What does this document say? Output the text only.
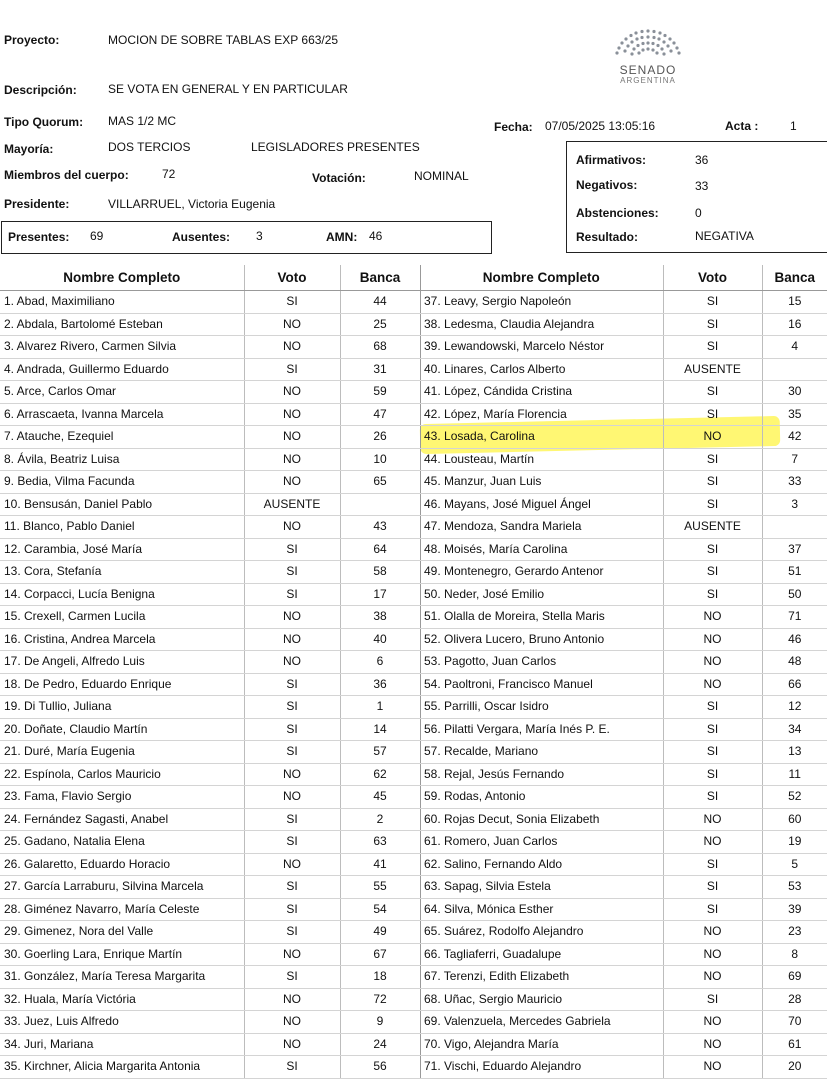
Proyecto:	MOCION DE SOBRE TABLAS EXP 663/25
Descripción:	SE VOTA EN GENERAL Y EN PARTICULAR
Tipo Quorum: MAS 1/2 MC
Mayoría:	DOS TERCIOS	LEGISLADORES PRESENTES
Miembros del cuerpo:	72	Votación:	NOMINAL
Presidente:	VILLARRUEL, Victoria Eugenia
Fecha: 07/05/2025 13:05:16	Acta :	1
SENADO
ARGENTINA
Presentes: 69	Ausentes: 3	AMN: 46
Afirmativos:	36
Negativos:	33
Abstenciones:	0
Resultado:	NEGATIVA
Nombre Completo	Voto	Banca
1. Abad, Maximiliano	SI	44
2. Abdala, Bartolomé Esteban	NO	25
3. Alvarez Rivero, Carmen Silvia	NO	68
4. Andrada, Guillermo Eduardo	SI	31
5. Arce, Carlos Omar	NO	59
6. Arrascaeta, Ivanna Marcela	NO	47
7. Atauche, Ezequiel	NO	26
8. Ávila, Beatriz Luisa	NO	10
9. Bedia, Vilma Facunda	NO	65
10. Bensusán, Daniel Pablo	AUSENTE	
11. Blanco, Pablo Daniel	NO	43
12. Carambia, José María	SI	64
13. Cora, Stefanía	SI	58
14. Corpacci, Lucía Benigna	SI	17
15. Crexell, Carmen Lucila	NO	38
16. Cristina, Andrea Marcela	NO	40
17. De Angeli, Alfredo Luis	NO	6
18. De Pedro, Eduardo Enrique	SI	36
19. Di Tullio, Juliana	SI	1
20. Doñate, Claudio Martín	SI	14
21. Duré, María Eugenia	SI	57
22. Espínola, Carlos Mauricio	NO	62
23. Fama, Flavio Sergio	NO	45
24. Fernández Sagasti, Anabel	SI	2
25. Gadano, Natalia Elena	SI	63
26. Galaretto, Eduardo Horacio	NO	41
27. García Larraburu, Silvina Marcela	SI	55
28. Giménez Navarro, María Celeste	SI	54
29. Gimenez, Nora del Valle	SI	49
30. Goerling Lara, Enrique Martín	NO	67
31. González, María Teresa Margarita	SI	18
32. Huala, María Victória	NO	72
33. Juez, Luis Alfredo	NO	9
34. Juri, Mariana	NO	24
35. Kirchner, Alicia Margarita Antonia	SI	56
Nombre Completo	Voto	Banca
37. Leavy, Sergio Napoleón	SI	15
38. Ledesma, Claudia Alejandra	SI	16
39. Lewandowski, Marcelo Néstor	SI	4
40. Linares, Carlos Alberto	AUSENTE	
41. López, Cándida Cristina	SI	30
42. López, María Florencia	SI	35
43. Losada, Carolina	NO	42
44. Lousteau, Martín	SI	7
45. Manzur, Juan Luis	SI	33
46. Mayans, José Miguel Ángel	SI	3
47. Mendoza, Sandra Mariela	AUSENTE	
48. Moisés, María Carolina	SI	37
49. Montenegro, Gerardo Antenor	SI	51
50. Neder, José Emilio	SI	50
51. Olalla de Moreira, Stella Maris	NO	71
52. Olivera Lucero, Bruno Antonio	NO	46
53. Pagotto, Juan Carlos	NO	48
54. Paoltroni, Francisco Manuel	NO	66
55. Parrilli, Oscar Isidro	SI	12
56. Pilatti Vergara, María Inés P. E.	SI	34
57. Recalde, Mariano	SI	13
58. Rejal, Jesús Fernando	SI	11
59. Rodas, Antonio	SI	52
60. Rojas Decut, Sonia Elizabeth	NO	60
61. Romero, Juan Carlos	NO	19
62. Salino, Fernando Aldo	SI	5
63. Sapag, Silvia Estela	SI	53
64. Silva, Mónica Esther	SI	39
65. Suárez, Rodolfo Alejandro	NO	23
66. Tagliaferri, Guadalupe	NO	8
67. Terenzi, Edith Elizabeth	NO	69
68. Uñac, Sergio Mauricio	SI	28
69. Valenzuela, Mercedes Gabriela	NO	70
70. Vigo, Alejandra María	NO	61
71. Vischi, Eduardo Alejandro	NO	20
